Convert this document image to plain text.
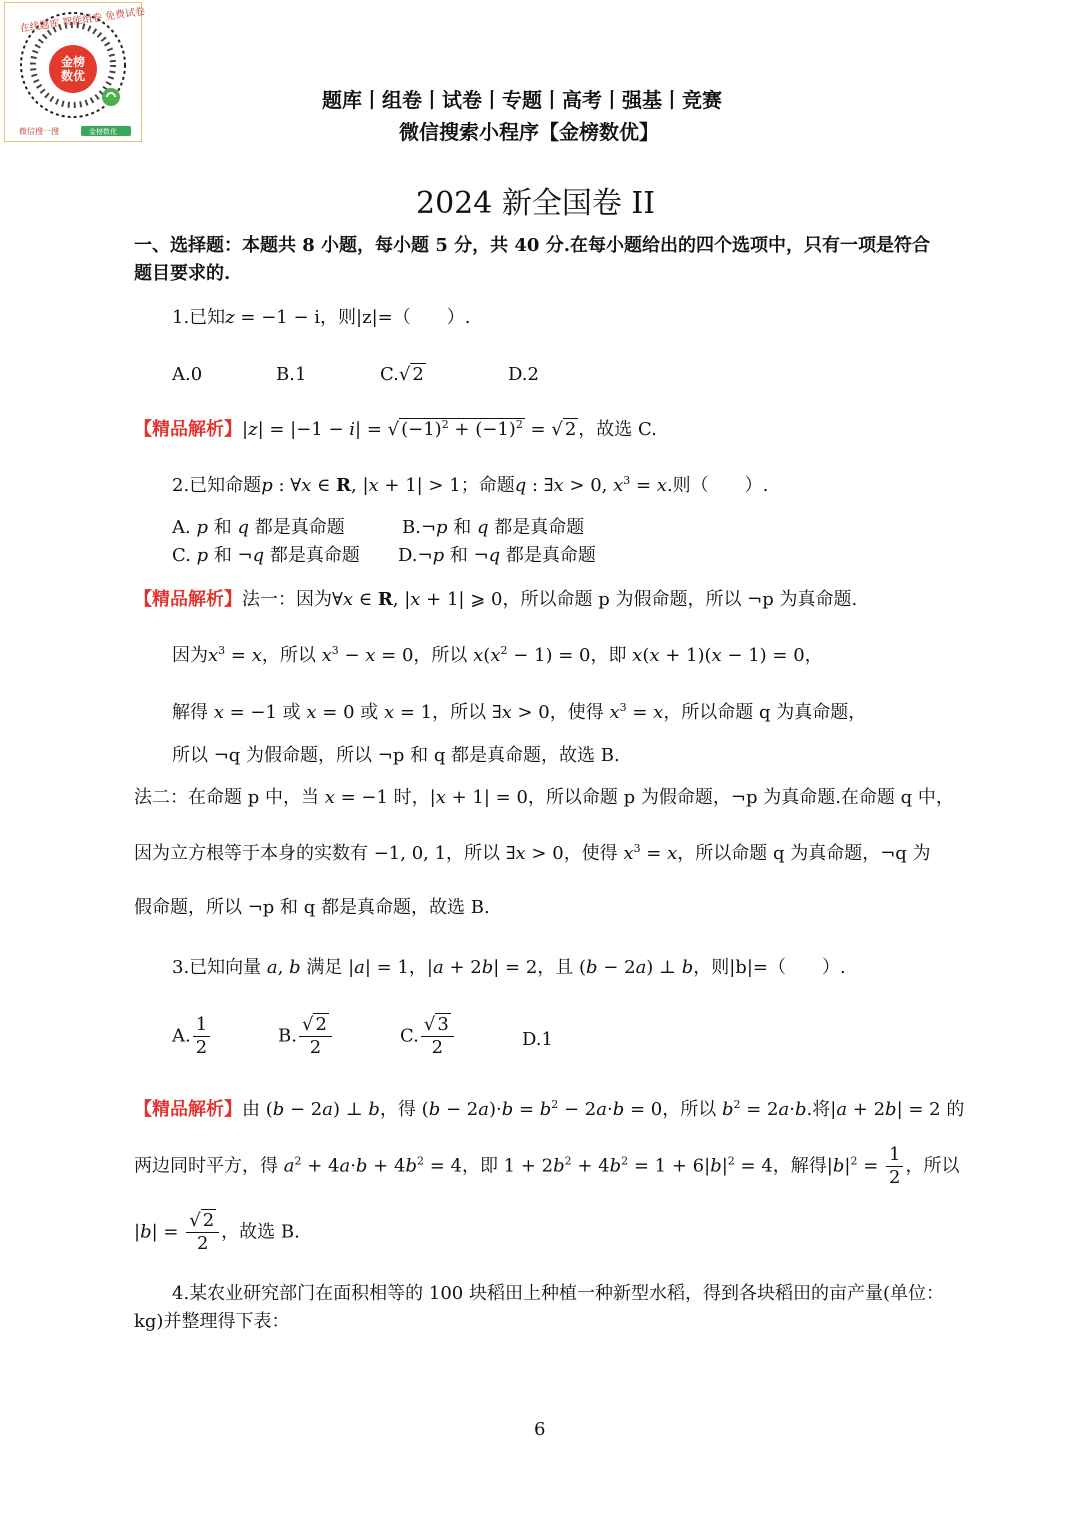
在线题库 智能组卷 免费试卷
金榜
数优
微信搜一搜	金榜数优
题库丨组卷丨试卷丨专题丨高考丨强基丨竞赛
微信搜索小程序【金榜数优】
2024 新全国卷 II
一、选择题：本题共 8 小题，每小题 5 分，共 40 分.在每小题给出的四个选项中，只有一项是符合
题目要求的.
1.已知z = −1 − i，则|z|=（　　）.
A.0	B.1	C.√ 2	D.2
【精品解析】|z| = |−1 − i| = √ $(-1)^2 + (-1)^2$ = √ 2 ，故选 C.
2.已知命题p : ∀x ∈ R, |x + 1| > 1；命题q : ∃x > 0, $x^3 = x$.则（　　）.
A. p 和 q 都是真命题	B.¬p 和 q 都是真命题
C. p 和 ¬q 都是真命题 D.¬p 和 ¬q 都是真命题
【精品解析】法一：因为∀x ∈ R, |x + 1| ⩾ 0，所以命题 p 为假命题，所以 ¬p 为真命题.
因为$x^3 = x$，所以 $x^3 - x = 0$，所以 $x(x^2 - 1) = 0$，即 x(x + 1)(x − 1) = 0，
解得 x = −1 或 x = 0 或 x = 1，所以 ∃x > 0，使得 $x^3 = x$，所以命题 q 为真命题，
所以 ¬q 为假命题，所以 ¬p 和 q 都是真命题，故选 B.
法二：在命题 p 中，当 x = −1 时，|x + 1| = 0，所以命题 p 为假命题，¬p 为真命题.在命题 q 中，
因为立方根等于本身的实数有 −1, 0, 1，所以 ∃x > 0，使得 $x^3 = x$，所以命题 q 为真命题，¬q 为
假命题，所以 ¬p 和 q 都是真命题，故选 B.
3.已知向量 a, b 满足 |a| = 1，|a + 2b| = 2，且 (b − 2a) ⊥ b，则|b|=（　　）.
A. $\frac{1}{2}$	B. $\frac{√ 2}{2}$	C. $\frac{√ 3}{2}$	D.1
【精品解析】由 (b − 2a) ⊥ b，得 $(b - 2a)\cdot b = b^2 - 2a\cdot b = 0$，所以 $b^2 = 2a\cdot b$.将|a + 2b| = 2 的
两边同时平方，得 $a^2 + 4a\cdot b + 4b^2 = 4$，即 $1 + 2b^2 + 4b^2 = 1 + 6|b|^2 = 4$，解得$|b|^2 = \frac{1}{2}$ ，所以
$|b| = \frac{√ 2}{2}$ ，故选 B.
4.某农业研究部门在面积相等的 100 块稻田上种植一种新型水稻，得到各块稻田的亩产量(单位：
kg)并整理得下表：
6
